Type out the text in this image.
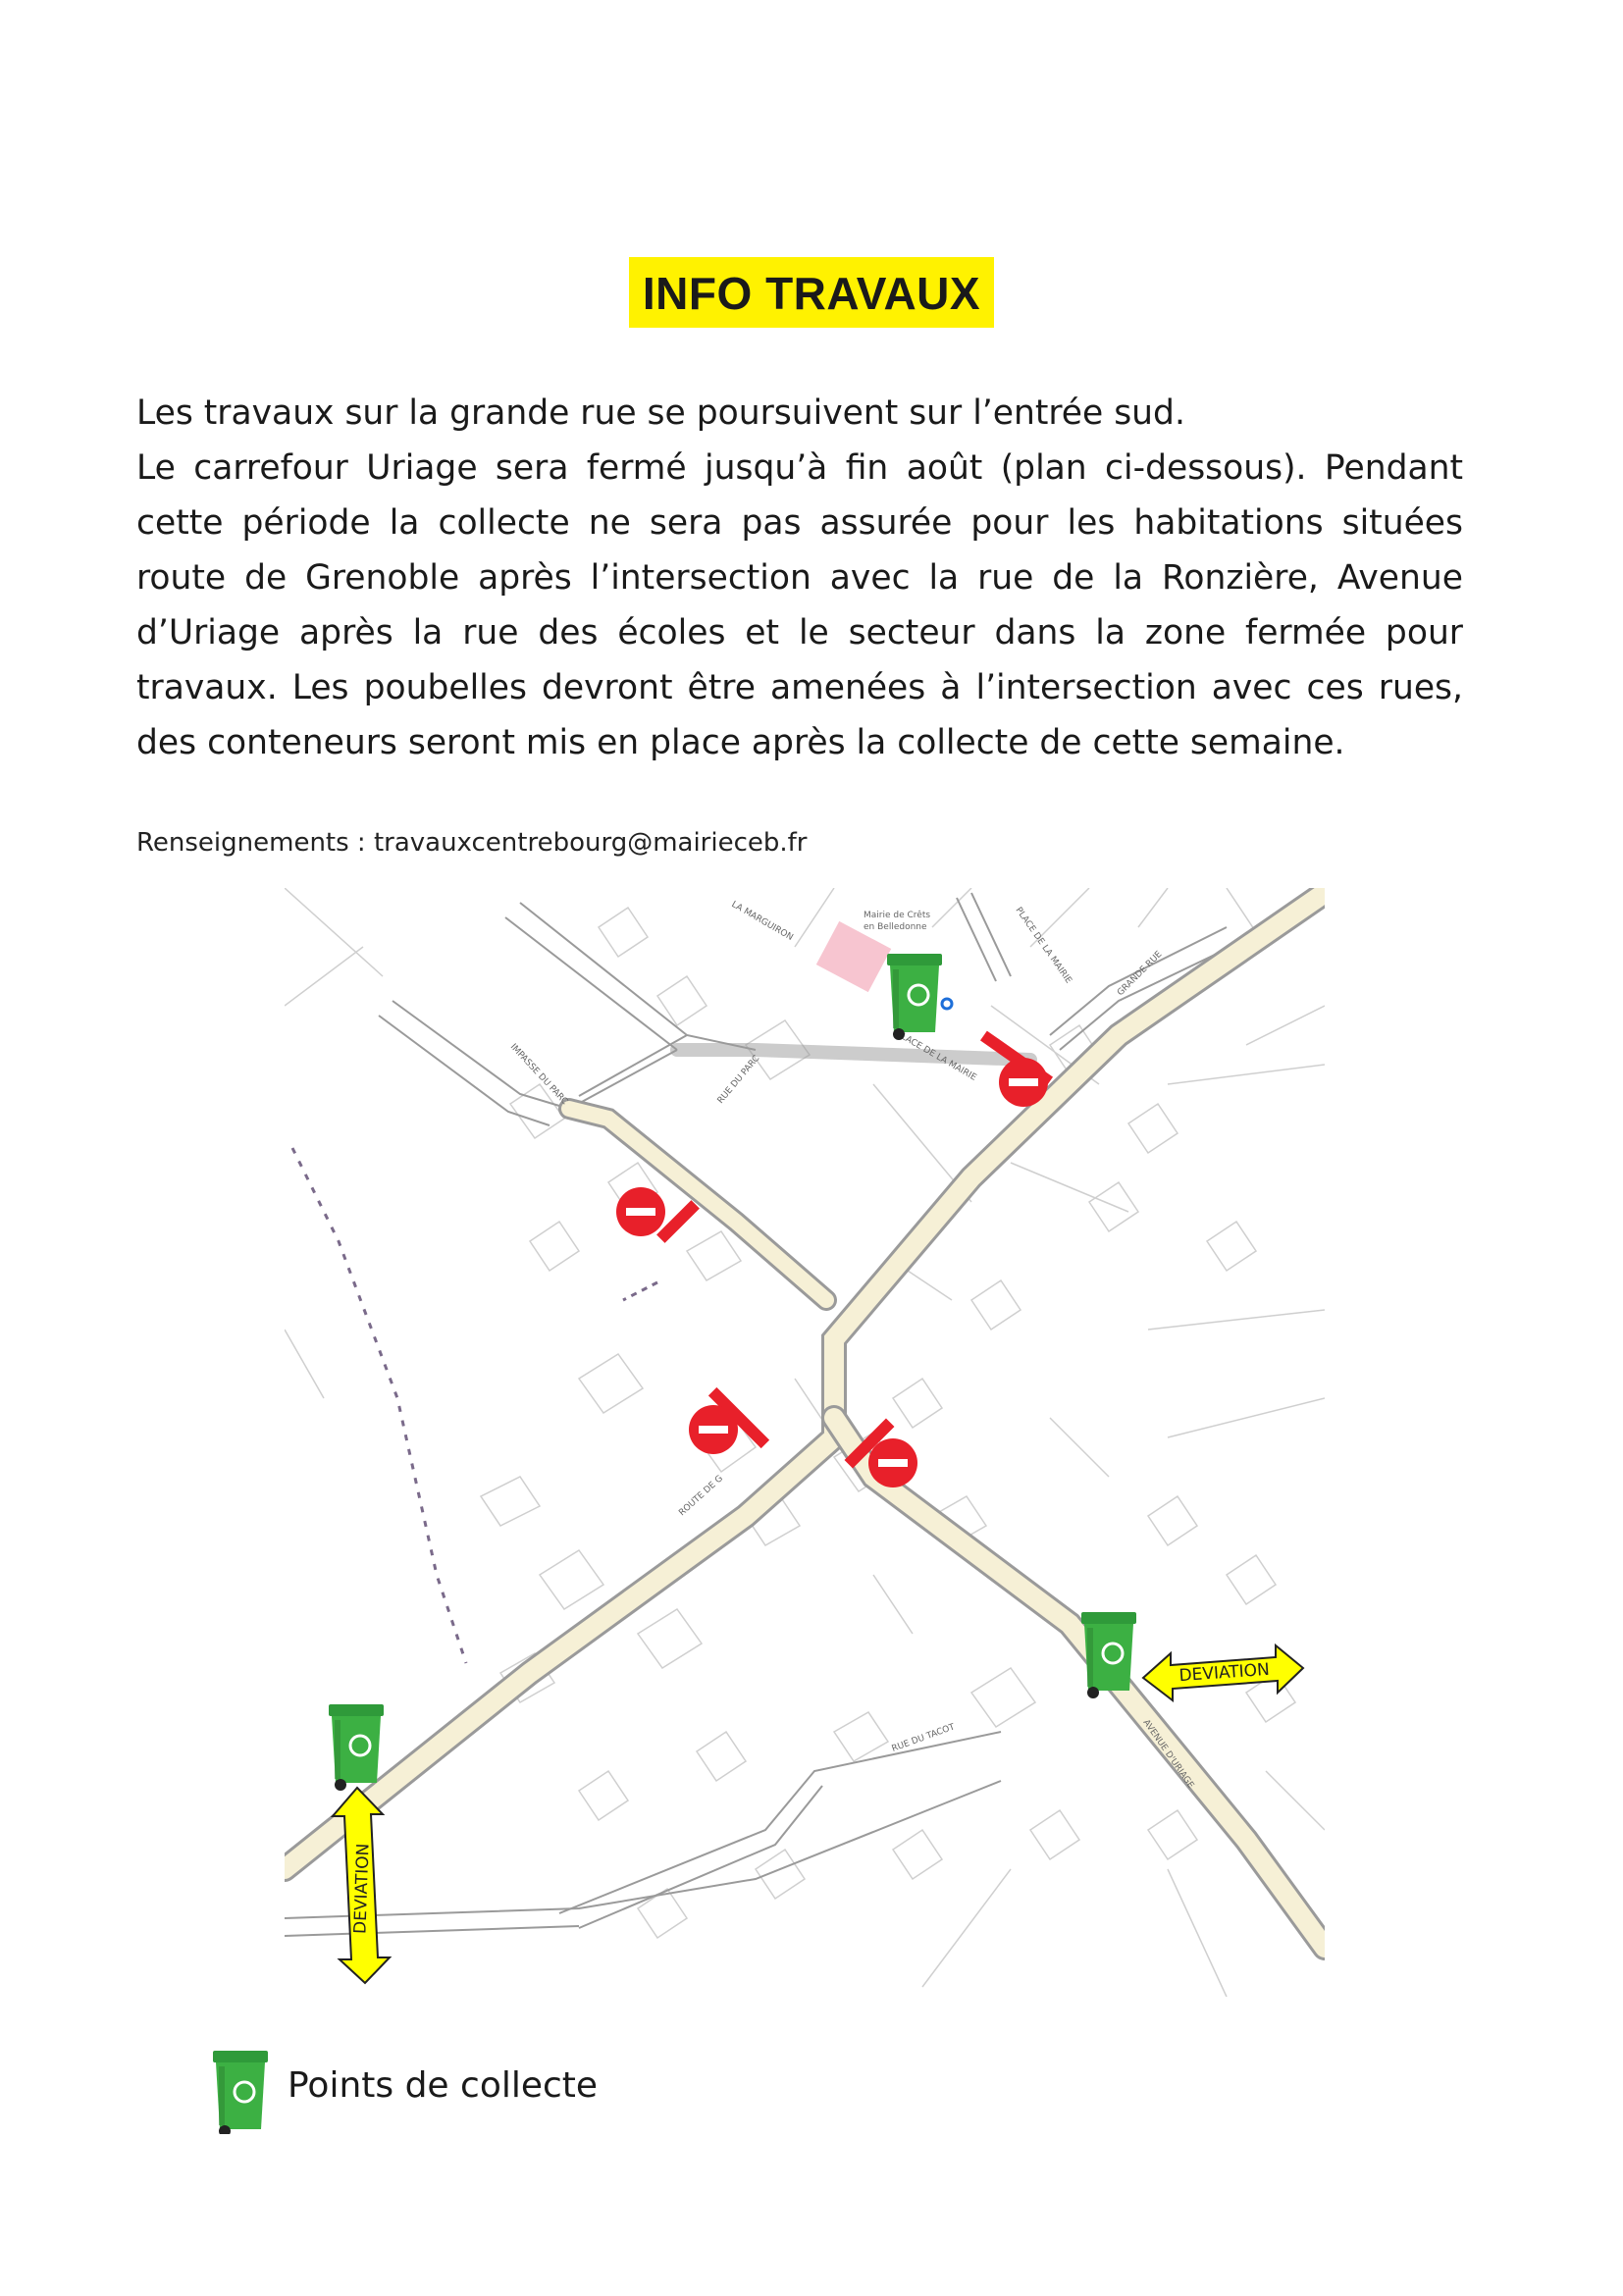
INFO TRAVAUX

Les travaux sur la grande rue se poursuivent sur l’entrée sud.

Le carrefour Uriage sera fermé jusqu’à fin août (plan ci-dessous). Pendant cette période la collecte ne sera pas assurée pour les habitations situées route de Grenoble après l’intersection avec la rue de la Ronzière, Avenue d’Uriage après la rue des écoles et le secteur dans la zone fermée pour travaux. Les poubelles devront être amenées à l’intersection avec ces rues, des conteneurs seront mis en place après la collecte de cette semaine.

Renseignements : travauxcentrebourg@mairieceb.fr
Mairie de Crêts
en Belledonne
LA MARGUIRON	PLACE DE LA MAIRIE
PLACE DE LA MAIRIE
GRANDE RUE
IMPASSE DU PARC	RUE DU PARC
ROUTE DE G
RUE DU TACOT	AVENUE D'URIAGE
DEVIATION
DEVIATION
Points de collecte
